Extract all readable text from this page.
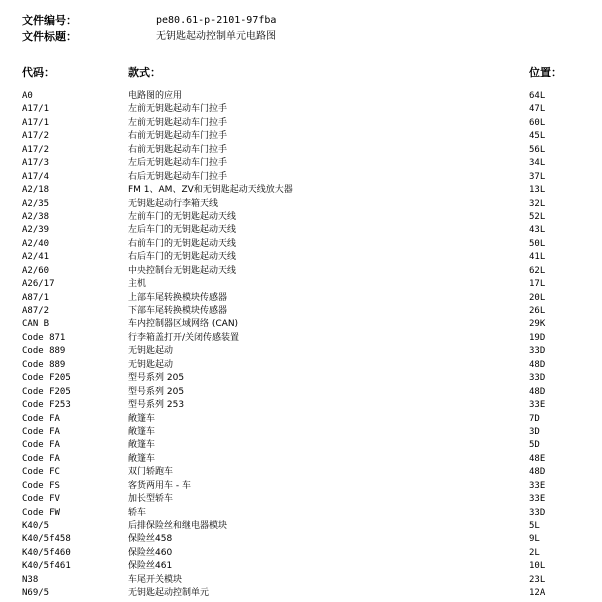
文件编号：	pe80.61-p-2101-97fba
文件标题：	无钥匙起动控制单元电路图
代码：	款式：	位置：
A0	电路图的应用	64L
A17/1	左前无钥匙起动车门拉手	47L
A17/1	左前无钥匙起动车门拉手	60L
A17/2	右前无钥匙起动车门拉手	45L
A17/2	右前无钥匙起动车门拉手	56L
A17/3	左后无钥匙起动车门拉手	34L
A17/4	右后无钥匙起动车门拉手	37L
A2/18	FM 1、AM、ZV和无钥匙起动天线放大器	13L
A2/35	无钥匙起动行李箱天线	32L
A2/38	左前车门的无钥匙起动天线	52L
A2/39	左后车门的无钥匙起动天线	43L
A2/40	右前车门的无钥匙起动天线	50L
A2/41	右后车门的无钥匙起动天线	41L
A2/60	中央控制台无钥匙起动天线	62L
A26/17	主机	17L
A87/1	上部车尾转换模块传感器	20L
A87/2	下部车尾转换模块传感器	26L
CAN B	车内控制器区域网络 (CAN)	29K
Code 871	行李箱盖打开/关闭传感装置	19D
Code 889	无钥匙起动	33D
Code 889	无钥匙起动	48D
Code F205	型号系列 205	33D
Code F205	型号系列 205	48D
Code F253	型号系列 253	33E
Code FA	敞篷车	7D
Code FA	敞篷车	3D
Code FA	敞篷车	5D
Code FA	敞篷车	48E
Code FC	双门轿跑车	48D
Code FS	客货两用车 - 车	33E
Code FV	加长型轿车	33E
Code FW	轿车	33D
K40/5	后排保险丝和继电器模块	5L
K40/5f458	保险丝458	9L
K40/5f460	保险丝460	2L
K40/5f461	保险丝461	10L
N38	车尾开关模块	23L
N69/5	无钥匙起动控制单元	12A
